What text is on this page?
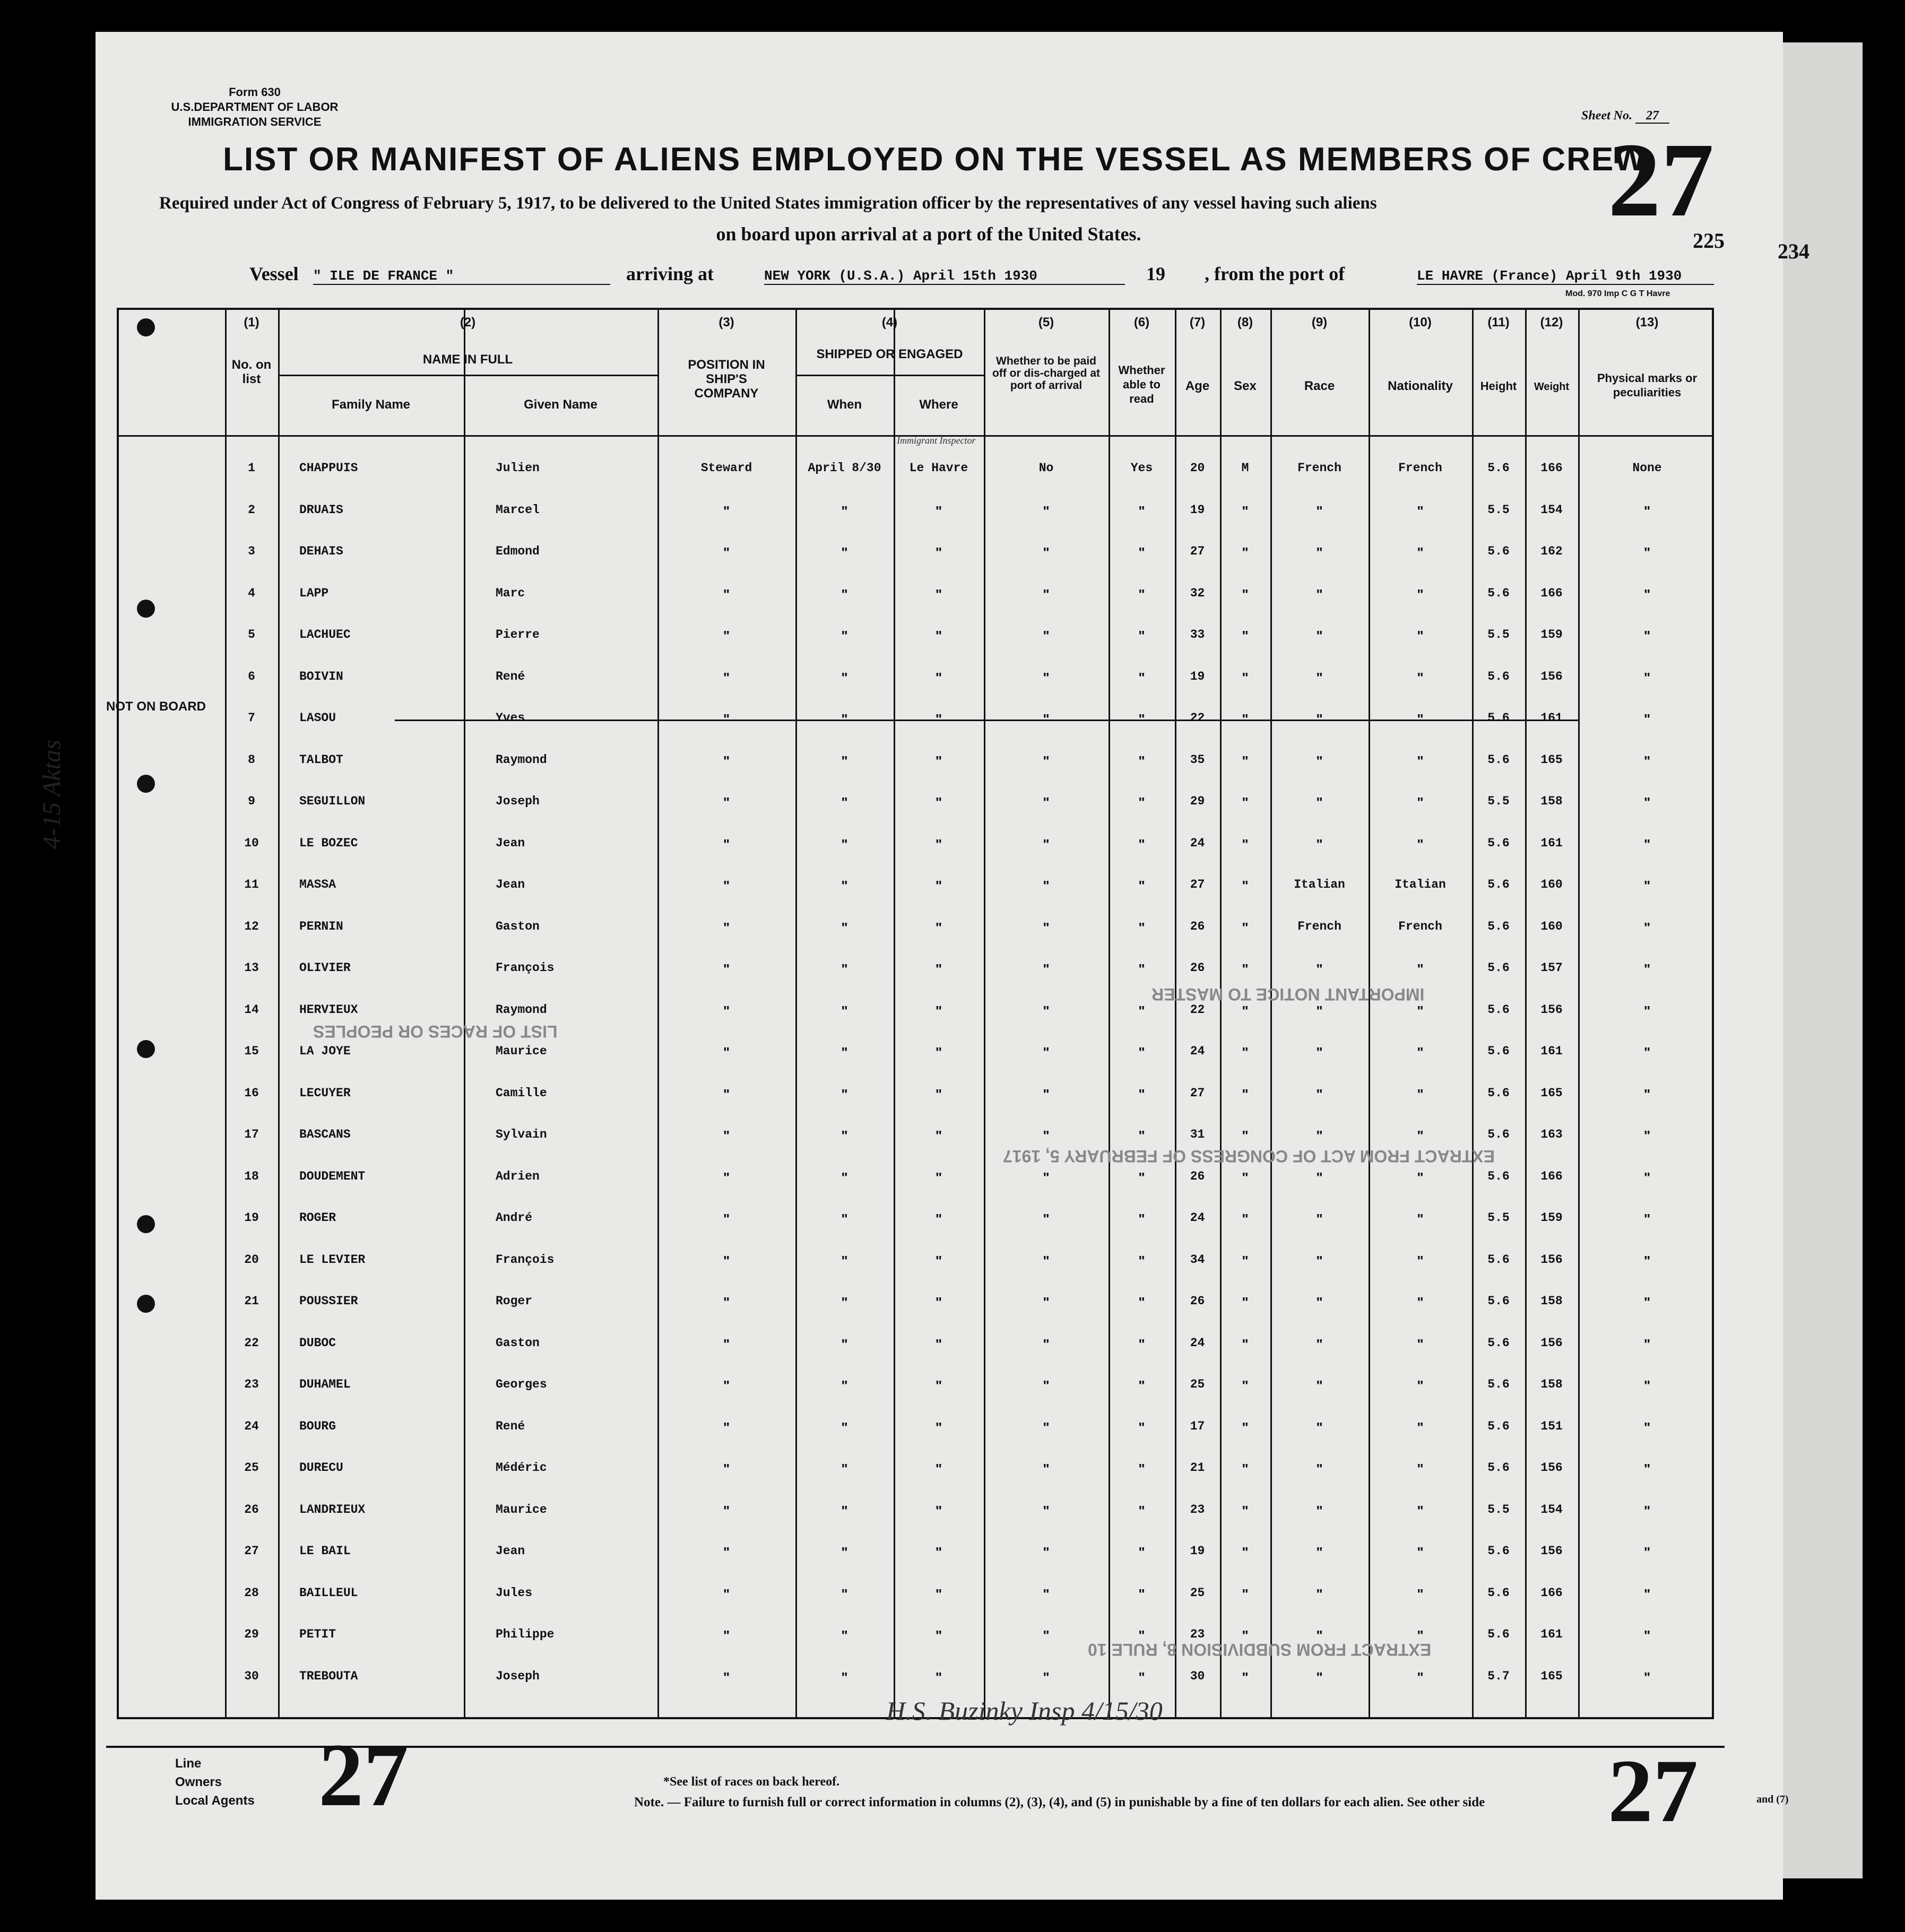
Form 630
U.S.DEPARTMENT OF LABOR
IMMIGRATION SERVICE	Sheet No. 27
LIST OR MANIFEST OF ALIENS EMPLOYED ON THE VESSEL AS MEMBERS OF CREW
27
225	234
Required under Act of Congress of February 5, 1917, to be delivered to the United States immigration officer by the representatives of any vessel having such aliens
on board upon arrival at a port of the United States.
Vessel " ILE DE FRANCE "	arriving at	NEW YORK (U.S.A.) April 15th 1930	19 , from the port of	LE HAVRE (France) April 9th 1930
Mod. 970 Imp C G T Havre
(1)	(2)	(3)	(4)	(5)	(6)	(7)	(8)	(9)	(10)	(11)	(12)	(13)
No. on list
NAME IN FULL
Family Name	Given Name
POSITION IN SHIP'S COMPANY
SHIPPED OR ENGAGED
When	Where
Whether to be paid off or dis-charged at port of arrival
Whether able to read
Age	Sex	Race	Nationality	Height	Weight
Physical marks or peculiarities
1	CHAPPUIS	Julien	Steward	April 8/30	Le Havre	No	Yes	20	M	French	French	5.6	166	None
2	DRUAIS	Marcel	"	"	"	"	"	19	"	"	"	5.5	154	"
3	DEHAIS	Edmond	"	"	"	"	"	27	"	"	"	5.6	162	"
4	LAPP	Marc	"	"	"	"	"	32	"	"	"	5.6	166	"
5	LACHUEC	Pierre	"	"	"	"	"	33	"	"	"	5.5	159	"
6	BOIVIN	René	"	"	"	"	"	19	"	"	"	5.6	156	"
7	LASOU	Yves	"	"	"	"	"	22	"	"	"	5.6	161	"
8	TALBOT	Raymond	"	"	"	"	"	35	"	"	"	5.6	165	"
9	SEGUILLON	Joseph	"	"	"	"	"	29	"	"	"	5.5	158	"
10	LE BOZEC	Jean	"	"	"	"	"	24	"	"	"	5.6	161	"
11	MASSA	Jean	"	"	"	"	"	27	"	Italian	Italian	5.6	160	"
12	PERNIN	Gaston	"	"	"	"	"	26	"	French	French	5.6	160	"
13	OLIVIER	François	"	"	"	"	"	26	"	"	"	5.6	157	"
14	HERVIEUX	Raymond	"	"	"	"	"	22	"	"	"	5.6	156	"
15	LA JOYE	Maurice	"	"	"	"	"	24	"	"	"	5.6	161	"
16	LECUYER	Camille	"	"	"	"	"	27	"	"	"	5.6	165	"
17	BASCANS	Sylvain	"	"	"	"	"	31	"	"	"	5.6	163	"
18	DOUDEMENT	Adrien	"	"	"	"	"	26	"	"	"	5.6	166	"
19	ROGER	André	"	"	"	"	"	24	"	"	"	5.5	159	"
20	LE LEVIER	François	"	"	"	"	"	34	"	"	"	5.6	156	"
21	POUSSIER	Roger	"	"	"	"	"	26	"	"	"	5.6	158	"
22	DUBOC	Gaston	"	"	"	"	"	24	"	"	"	5.6	156	"
23	DUHAMEL	Georges	"	"	"	"	"	25	"	"	"	5.6	158	"
24	BOURG	René	"	"	"	"	"	17	"	"	"	5.6	151	"
25	DURECU	Médéric	"	"	"	"	"	21	"	"	"	5.6	156	"
26	LANDRIEUX	Maurice	"	"	"	"	"	23	"	"	"	5.5	154	"
27	LE BAIL	Jean	"	"	"	"	"	19	"	"	"	5.6	156	"
28	BAILLEUL	Jules	"	"	"	"	"	25	"	"	"	5.6	166	"
29	PETIT	Philippe	"	"	"	"	"	23	"	"	"	5.6	161	"
30	TREBOUTA	Joseph	"	"	"	"	"	30	"	"	"	5.7	165	"
IMPORTANT NOTICE TO MASTER
EXTRACT FROM ACT OF CONGRESS OF FEBRUARY 5, 1917
LIST OF RACES OR PEOPLES
EXTRACT FROM SUBDIVISION 8, RULE 10
NOT ON BOARD
4-15 Aktas
Immigrant Inspector
H.S. Buzinky Insp 4/15/30
Line
Owners
Local Agents 27	27
*See list of races on back hereof.
Note. — Failure to furnish full or correct information in columns (2), (3), (4), and (5) in punishable by a fine of ten dollars for each alien. See other side	and (7)
